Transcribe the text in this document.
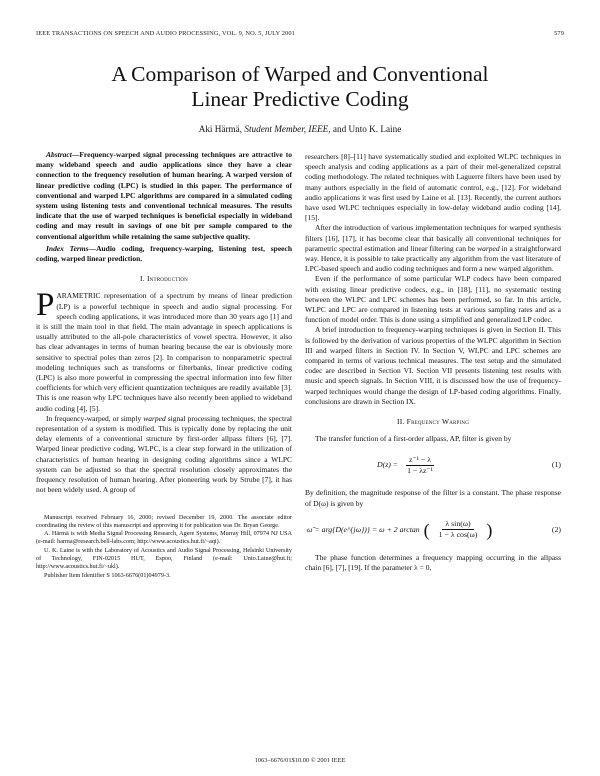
IEEE TRANSACTIONS ON SPEECH AND AUDIO PROCESSING, VOL. 9, NO. 5, JULY 2001	579
A Comparison of Warped and Conventional
Linear Predictive Coding
Aki Härmä, Student Member, IEEE, and Unto K. Laine

Abstract—Frequency-warped signal processing techniques are attractive to many wideband speech and audio applications since they have a clear connection to the frequency resolution of human hearing. A warped version of linear predictive coding (LPC) is studied in this paper. The performance of conventional and warped LPC algorithms are compared in a simulated coding system using listening tests and conventional technical measures. The results indicate that the use of warped techniques is beneficial especially in wideband coding and may result in savings of one bit per sample compared to the conventional algorithm while retaining the same subjective quality.

Index Terms—Audio coding, frequency-warping, listening test, speech coding, warped linear prediction.

I. Introduction

PARAMETRIC representation of a spectrum by means of linear prediction (LP) is a powerful technique in speech and audio signal processing. For speech coding applications, it was introduced more than 30 years ago [1] and it is still the main tool in that field. The main advantage in speech applications is usually attributed to the all-pole characteristics of vowel spectra. However, it also has clear advantages in terms of human hearing because the ear is obviously more sensitive to spectral poles than zeros [2]. In comparison to nonparametric spectral modeling techniques such as transforms or filterbanks, linear predictive coding (LPC) is also more powerful in compressing the spectral information into few filter coefficients for which very efficient quantization techniques are readily available [3]. This is one reason why LPC techniques have also recently been applied to wideband audio coding [4], [5].

In frequency-warped, or simply warped signal processing techniques, the spectral representation of a system is modified. This is typically done by replacing the unit delay elements of a conventional structure by first-order allpass filters [6], [7]. Warped linear predictive coding, WLPC, is a clear step forward in the utilization of characteristics of human hearing in designing coding algorithms since a WLPC system can be adjusted so that the spectral resolution closely approximates the frequency resolution of human hearing. After pioneering work by Strube [7], it has not been widely used. A group of

Manuscript received February 16, 2000; revised December 19, 2000. The associate editor coordinating the review of this manuscript and approving it for publication was Dr. Bryan George.

A. Härmä is with Media Signal Processing Research, Agere Systems, Murray Hill, 07974 NJ USA (e-mail: harma@research.bell-labs.com; http://www.acoustics.hut.fi/~aqi).

U. K. Laine is with the Laboratory of Acoustics and Audio Signal Processing, Helsinki University of Technology, FIN-02015 HUT, Espoo, Finland (e-mail: Unto.Laine@hut.fi; http://www.acoustics.hut.fi/~ukl).

Publisher Item Identifier S 1063-6676(01)04979-3.

researchers [8]–[11] have systematically studied and exploited WLPC techniques in speech analysis and coding applications as a part of their mel-generalized cepstral coding methodology. The related techniques with Laguerre filters have been used by many authors especially in the field of automatic control, e.g., [12]. For wideband audio applications it was first used by Laine et al. [13]. Recently, the current authors have used WLPC techniques especially in low-delay wideband audio coding [14], [15].

After the introduction of various implementation techniques for warped synthesis filters [16], [17], it has become clear that basically all conventional techniques for parametric spectral estimation and linear filtering can be warped in a straightforward way. Hence, it is possible to take practically any algorithm from the vast literature of LPC-based speech and audio coding techniques and form a new warped algorithm.

Even if the performance of some particular WLP codecs have been compared with existing linear predictive codecs, e.g., in [18], [11], no systematic testing between the WLPC and LPC schemes has been performed, so far. In this article, WLPC and LPC are compared in listening tests at various sampling rates and as a function of model order. This is done using a simplified and generalized LP codec.

A brief introduction to frequency-warping techniques is given in Section II. This is followed by the derivation of various properties of the WLPC algorithm in Section III and warped filters in Section IV. In Section V, WLPC and LPC schemes are compared in terms of various technical measures. The test setup and the simulated codec are described in Section VI. Section VII presents listening test results with music and speech signals. In Section VIII, it is discussed how the use of frequency-warped techniques would change the design of LP-based coding algorithms. Finally, conclusions are drawn in Section IX.

II. Frequency Warping

The transfer function of a first-order allpass, AP, filter is given by

$D(z) = \frac{\text{z⁻¹ − λ}}{\text{1 − λz⁻¹}}$	(1)

By definition, the magnitude response of the filter is a constant. The phase response of D(ω) is given by

ω̃ = arg{D(e^{jω})} = ω + 2 arctan ( $\frac{\text{λ sin(ω)}}{\text{1 − λ cos(ω)}}$ )	(2)

The phase function determines a frequency mapping occurring in the allpass chain [6], [7], [19]. If the parameter λ = 0,

1063–6676/01$10.00 © 2001 IEEE
